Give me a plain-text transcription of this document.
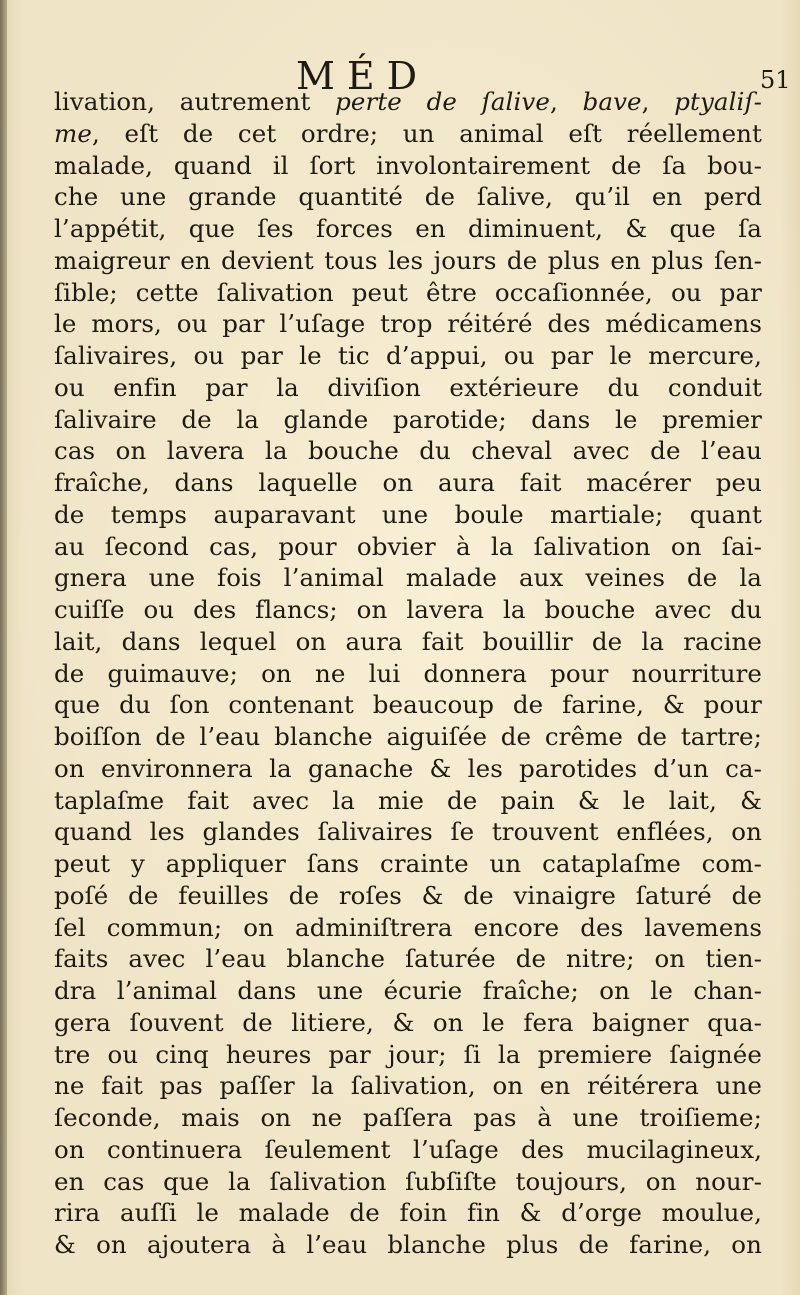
MÉD	51
livation, autrement perte de ſalive, bave, ptyaliſ-
me, eſt de cet ordre; un animal eſt réellement
malade, quand il ſort involontairement de ſa bou-
che une grande quantité de ſalive, qu’il en perd
l’appétit, que ſes forces en diminuent, & que ſa
maigreur en devient tous les jours de plus en plus ſen-
ſible; cette ſalivation peut être occaſionnée, ou par
le mors, ou par l’uſage trop réitéré des médicamens
ſalivaires, ou par le tic d’appui, ou par le mercure,
ou enfin par la diviſion extérieure du conduit
ſalivaire de la glande parotide; dans le premier
cas on lavera la bouche du cheval avec de l’eau
fraîche, dans laquelle on aura fait macérer peu
de temps auparavant une boule martiale; quant
au ſecond cas, pour obvier à la ſalivation on ſai-
gnera une fois l’animal malade aux veines de la
cuiſſe ou des flancs; on lavera la bouche avec du
lait, dans lequel on aura fait bouillir de la racine
de guimauve; on ne lui donnera pour nourriture
que du ſon contenant beaucoup de farine, & pour
boiſſon de l’eau blanche aiguiſée de crême de tartre;
on environnera la ganache & les parotides d’un ca-
taplaſme fait avec la mie de pain & le lait, &
quand les glandes ſalivaires ſe trouvent enflées, on
peut y appliquer ſans crainte un cataplaſme com-
poſé de feuilles de roſes & de vinaigre ſaturé de
ſel commun; on adminiſtrera encore des lavemens
faits avec l’eau blanche ſaturée de nitre; on tien-
dra l’animal dans une écurie fraîche; on le chan-
gera ſouvent de litiere, & on le fera baigner qua-
tre ou cinq heures par jour; ſi la premiere ſaignée
ne fait pas paſſer la ſalivation, on en réitérera une
ſeconde, mais on ne paſſera pas à une troiſieme;
on continuera ſeulement l’uſage des mucilagineux,
en cas que la ſalivation ſubſiſte toujours, on nour-
rira auſſi le malade de foin fin & d’orge moulue,
& on ajoutera à l’eau blanche plus de farine, on
